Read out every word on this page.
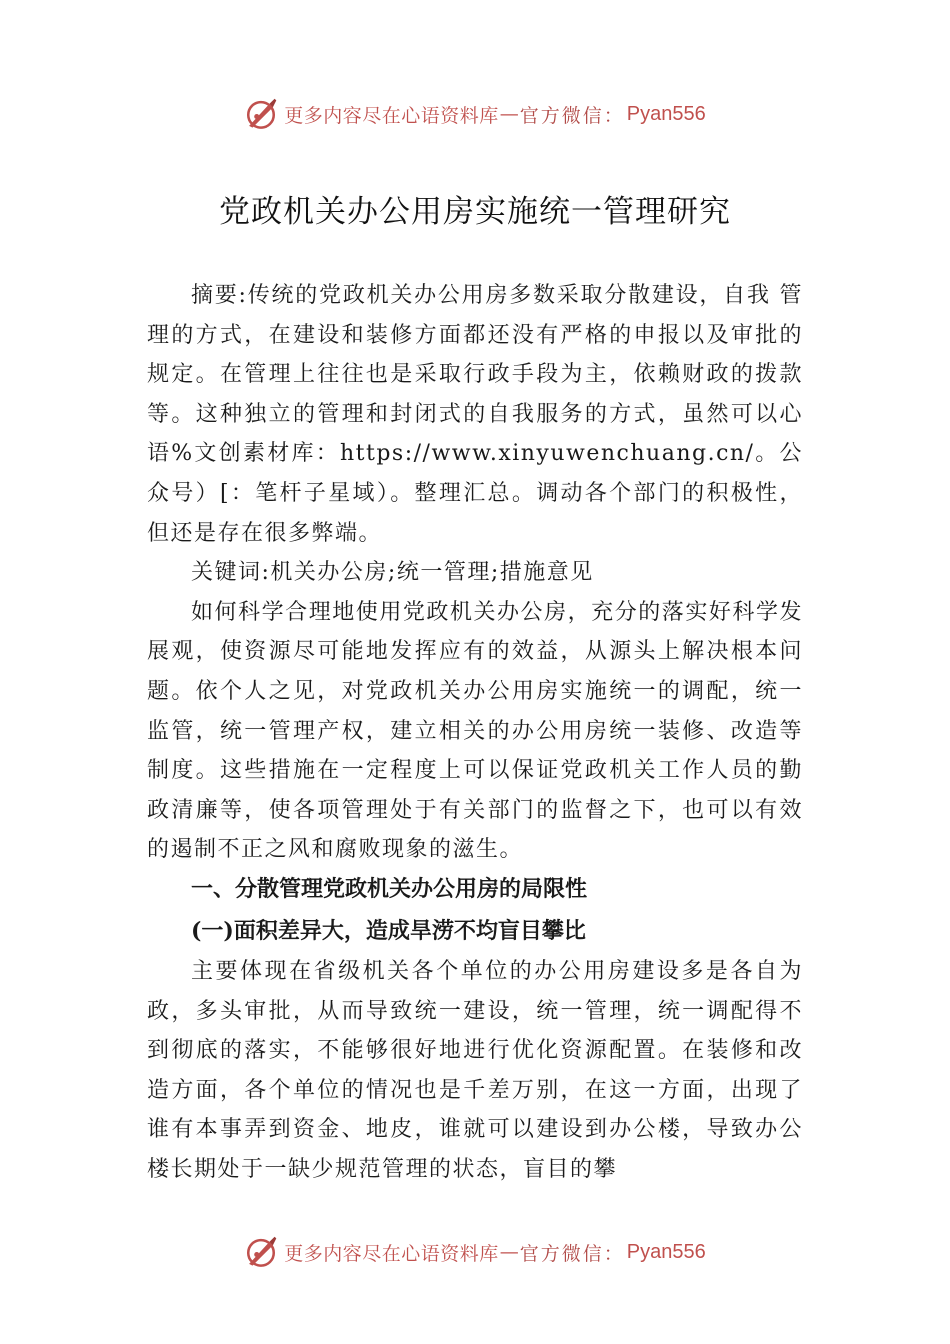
更多内容尽在心语资料库 — 官方微信： Pyan556
党政机关办公用房实施统一管理研究

摘要:传统的党政机关办公用房多数采取分散建设，自我 管理的方式，在建设和装修方面都还没有严格的申报以及审批的规定。在管理上往往也是采取行政手段为主，依赖财政的拨款等。这种独立的管理和封闭式的自我服务的方式，虽然可以心语%文创素材库：https://www.xinyuwenchuang.cn/。公众号）[：笔杆子星域）。整理汇总。调动各个部门的积极性，但还是存在很多弊端。

关键词:机关办公房;统一管理;措施意见

如何科学合理地使用党政机关办公房，充分的落实好科学发展观，使资源尽可能地发挥应有的效益，从源头上解决根本问题。依个人之见，对党政机关办公用房实施统一的调配，统一监管，统一管理产权，建立相关的办公用房统一装修、改造等制度。这些措施在一定程度上可以保证党政机关工作人员的勤政清廉等，使各项管理处于有关部门的监督之下，也可以有效的遏制不正之风和腐败现象的滋生。

一、分散管理党政机关办公用房的局限性
(一)面积差异大，造成旱涝不均盲目攀比

主要体现在省级机关各个单位的办公用房建设多是各自为政，多头审批，从而导致统一建设，统一管理，统一调配得不到彻底的落实，不能够很好地进行优化资源配置。在装修和改造方面，各个单位的情况也是千差万别，在这一方面，出现了谁有本事弄到资金、地皮，谁就可以建设到办公楼，导致办公楼长期处于一缺少规范管理的状态，盲目的攀

更多内容尽在心语资料库 — 官方微信： Pyan556
